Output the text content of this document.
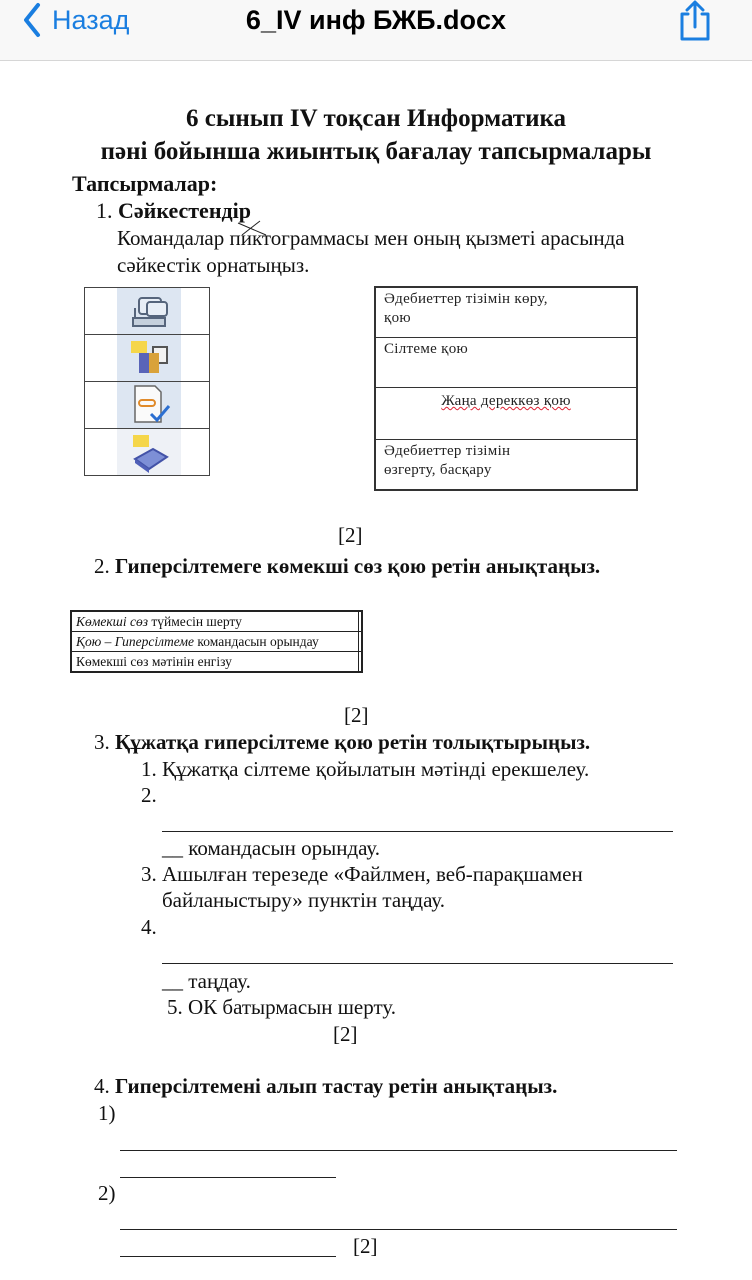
Назад	6_IV инф БЖБ.docx
6 сынып IV тоқсан Информатика
пәні бойынша жиынтық бағалау тапсырмалары
Тапсырмалар:
1. Сәйкестендір
Командалар пиктограммасы мен оның қызметі арасында
сәйкестік орнатыңыз.

Әдебиеттер тізімін көру,
қою
Сілтеме қою
Жаңа дереккөз қою
Әдебиеттер тізімін
өзгерту, басқару
[2]
2. Гиперсілтемеге көмекші сөз қою ретін анықтаңыз.
Көмекші сөз түймесін шерту	
Қою – Гиперсілтеме командасын орындау	
Көмекші сөз мәтінін енгізу	
[2]
3. Құжатқа гиперсілтеме қою ретін толықтырыңыз.
1. Құжатқа сілтеме қойылатын мәтінді ерекшелеу.
2.
__ командасын орындау.
3. Ашылған терезеде «Файлмен, веб-парақшамен
байланыстыру» пунктін таңдау.
4.
__ таңдау.
5. ОК батырмасын шерту.
[2]
4. Гиперсілтемені алып тастау ретін анықтаңыз.
1)
2)
[2]
